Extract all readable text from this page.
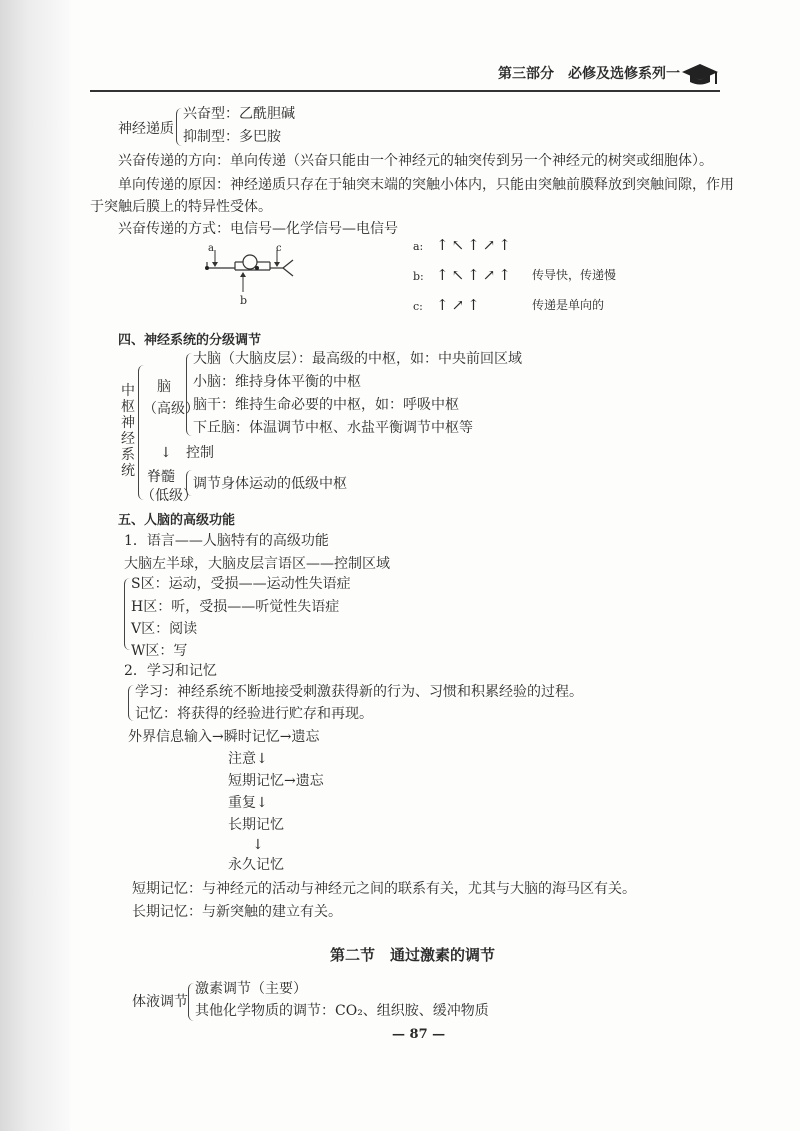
第三部分　必修及选修系列一
神经递质
兴奋型：乙酰胆碱
抑制型：多巴胺
兴奋传递的方向：单向传递（兴奋只能由一个神经元的轴突传到另一个神经元的树突或细胞体）。
单向传递的原因：神经递质只存在于轴突末端的突触小体内，只能由突触前膜释放到突触间隙，作用
于突触后膜上的特异性受体。
兴奋传递的方式：电信号—化学信号—电信号
a	c
b
a: ↑↖↑↗↑
b: ↑↖↑↗↑ 传导快，传递慢
c: ↑↗↑	传递是单向的
四、神经系统的分级调节
中
枢
神
经
系
统
脑
（高级）
大脑（大脑皮层）：最高级的中枢，如：中央前回区域
小脑：维持身体平衡的中枢
脑干：维持生命必要的中枢，如：呼吸中枢
下丘脑：体温调节中枢、水盐平衡调节中枢等
↓ 控制
脊髓
（低级）
调节身体运动的低级中枢
五、人脑的高级功能
1．语言——人脑特有的高级功能
大脑左半球，大脑皮层言语区——控制区域
S区：运动，受损——运动性失语症
H区：听，受损——听觉性失语症
V区：阅读
W区：写
2．学习和记忆
学习：神经系统不断地接受刺激获得新的行为、习惯和积累经验的过程。
记忆：将获得的经验进行贮存和再现。
外界信息输入→瞬时记忆→遗忘
注意↓
短期记忆→遗忘
重复↓
长期记忆
↓
永久记忆
短期记忆：与神经元的活动与神经元之间的联系有关，尤其与大脑的海马区有关。
长期记忆：与新突触的建立有关。
第二节　通过激素的调节
体液调节
激素调节（主要）
其他化学物质的调节：CO₂、组织胺、缓冲物质
— 87 —
